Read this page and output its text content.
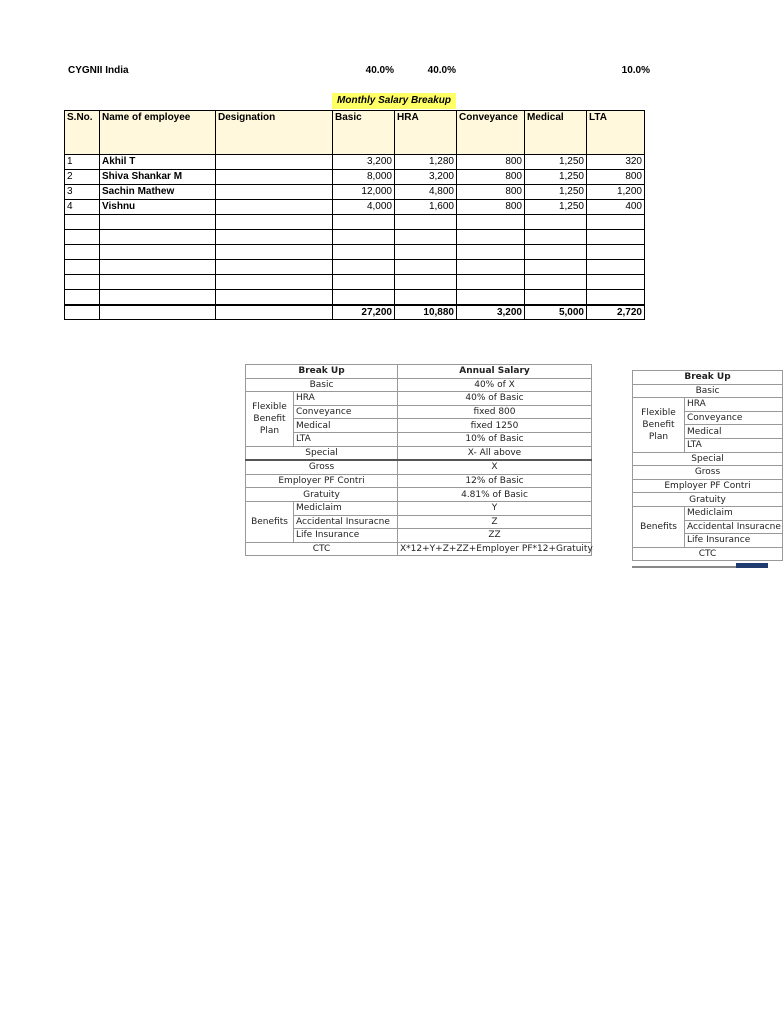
CYGNII India	40.0%	40.0%	10.0%
Monthly Salary Breakup
S.No.	Name of employee	Designation	Basic	HRA	Conveyance	Medical	LTA
1	Akhil T		3,200	1,280	800	1,250	320
2	Shiva Shankar M		8,000	3,200	800	1,250	800
3	Sachin Mathew		12,000	4,800	800	1,250	1,200
4	Vishnu		4,000	1,600	800	1,250	400

			27,200	10,880	3,200	5,000	2,720
Break Up		Annual Salary
Basic		40% of X
Flexible Benefit Plan	HRA	40% of Basic
	Conveyance	fixed 800
	Medical	fixed 1250
	LTA	10% of Basic
Special		X- All above
Gross		X
Employer PF Contri		12% of Basic
Gratuity		4.81% of Basic
Benefits	Mediclaim	Y
	Accidental Insuracne	Z
	Life Insurance	ZZ
CTC		X*12+Y+Z+ZZ+Employer PF*12+Gratuity
Break Up	
Basic	
Flexible Benefit Plan	HRA
	Conveyance
	Medical
	LTA
Special	
Gross	
Employer PF Contri	
Gratuity	
Benefits	Mediclaim
	Accidental Insuracne
	Life Insurance
CTC	
